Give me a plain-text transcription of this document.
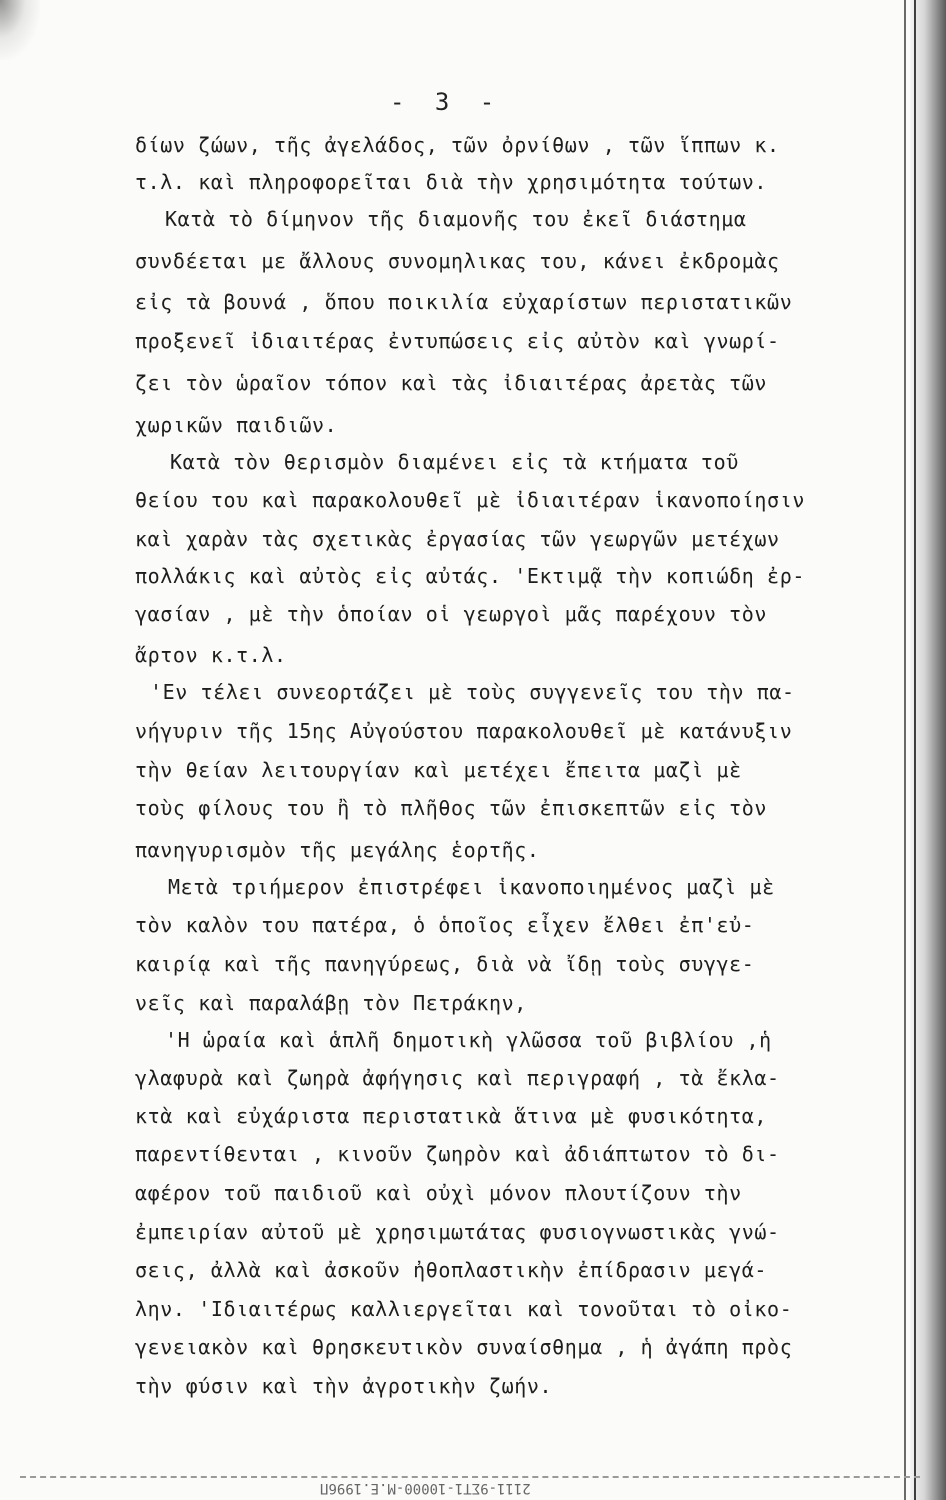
- 3 -
δίων ζώων, τῆς ἀγελάδος, τῶν ὀρνίθων , τῶν ἵππων κ.
τ.λ. καὶ πληροφορεῖται διὰ τὴν χρησιμότητα τούτων.
Κατὰ τὸ δίμηνον τῆς διαμονῆς του ἐκεῖ διάστημα
συνδέεται με ἄλλους συνομηλικας του, κάνει ἐκδρομὰς
εἰς τὰ βουνά , ὅπου ποικιλία εὐχαρίστων περιστατικῶν
προξενεῖ ἰδιαιτέρας ἐντυπώσεις εἰς αὐτὸν καὶ γνωρί-
ζει τὸν ὡραῖον τόπον καὶ τὰς ἰδιαιτέρας ἀρετὰς τῶν
χωρικῶν παιδιῶν.
Κατὰ τὸν θερισμὸν διαμένει εἰς τὰ κτήματα τοῦ
θείου του καὶ παρακολουθεῖ μὲ ἰδιαιτέραν ἱκανοποίησιν
καὶ χαρὰν τὰς σχετικὰς ἐργασίας τῶν γεωργῶν μετέχων
πολλάκις καὶ αὐτὸς εἰς αὐτάς. 'Εκτιμᾷ τὴν κοπιώδη ἐρ-
γασίαν , μὲ τὴν ὁποίαν οἱ γεωργοὶ μᾶς παρέχουν τὸν
ἄρτον κ.τ.λ.
'Εν τέλει συνεορτάζει μὲ τοὺς συγγενεῖς του τὴν πα-
νήγυριν τῆς 15ης Αὐγούστου παρακολουθεῖ μὲ κατάνυξιν
τὴν θείαν λειτουργίαν καὶ μετέχει ἔπειτα μαζὶ μὲ
τοὺς φίλους του ἢ τὸ πλῆθος τῶν ἐπισκεπτῶν εἰς τὸν
πανηγυρισμὸν τῆς μεγάλης ἑορτῆς.
Μετὰ τριήμερον ἐπιστρέφει ἱκανοποιημένος μαζὶ μὲ
τὸν καλὸν του πατέρα, ὁ ὁποῖος εἶχεν ἔλθει ἐπ'εὐ-
καιρίᾳ καὶ τῆς πανηγύρεως, διὰ νὰ ἴδῃ τοὺς συγγε-
νεῖς καὶ παραλάβῃ τὸν Πετράκην,
'Η ὡραία καὶ ἁπλῆ δημοτικὴ γλῶσσα τοῦ βιβλίου ,ἡ
γλαφυρὰ καὶ ζωηρὰ ἀφήγησις καὶ περιγραφή , τὰ ἔκλα-
κτὰ καὶ εὐχάριστα περιστατικὰ ἅτινα μὲ φυσικότητα,
παρεντίθενται , κινοῦν ζωηρὸν καὶ ἀδιάπτωτον τὸ δι-
αφέρον τοῦ παιδιοῦ καὶ οὐχὶ μόνον πλουτίζουν τὴν
ἐμπειρίαν αὐτοῦ μὲ χρησιμωτάτας φυσιογνωστικὰς γνώ-
σεις, ἀλλὰ καὶ ἀσκοῦν ἠθοπλαστικὴν ἐπίδρασιν μεγά-
λην. 'Ιδιαιτέρως καλλιεργεῖται καὶ τονοῦται τὸ οἰκο-
γενειακὸν καὶ θρησκευτικὸν συναίσθημα , ἡ ἀγάπη πρὸς
τὴν φύσιν καὶ τὴν ἀγροτικὴν ζωήν.
2111-9ΣΤ1-10000-Μ.Ε.1996Π
